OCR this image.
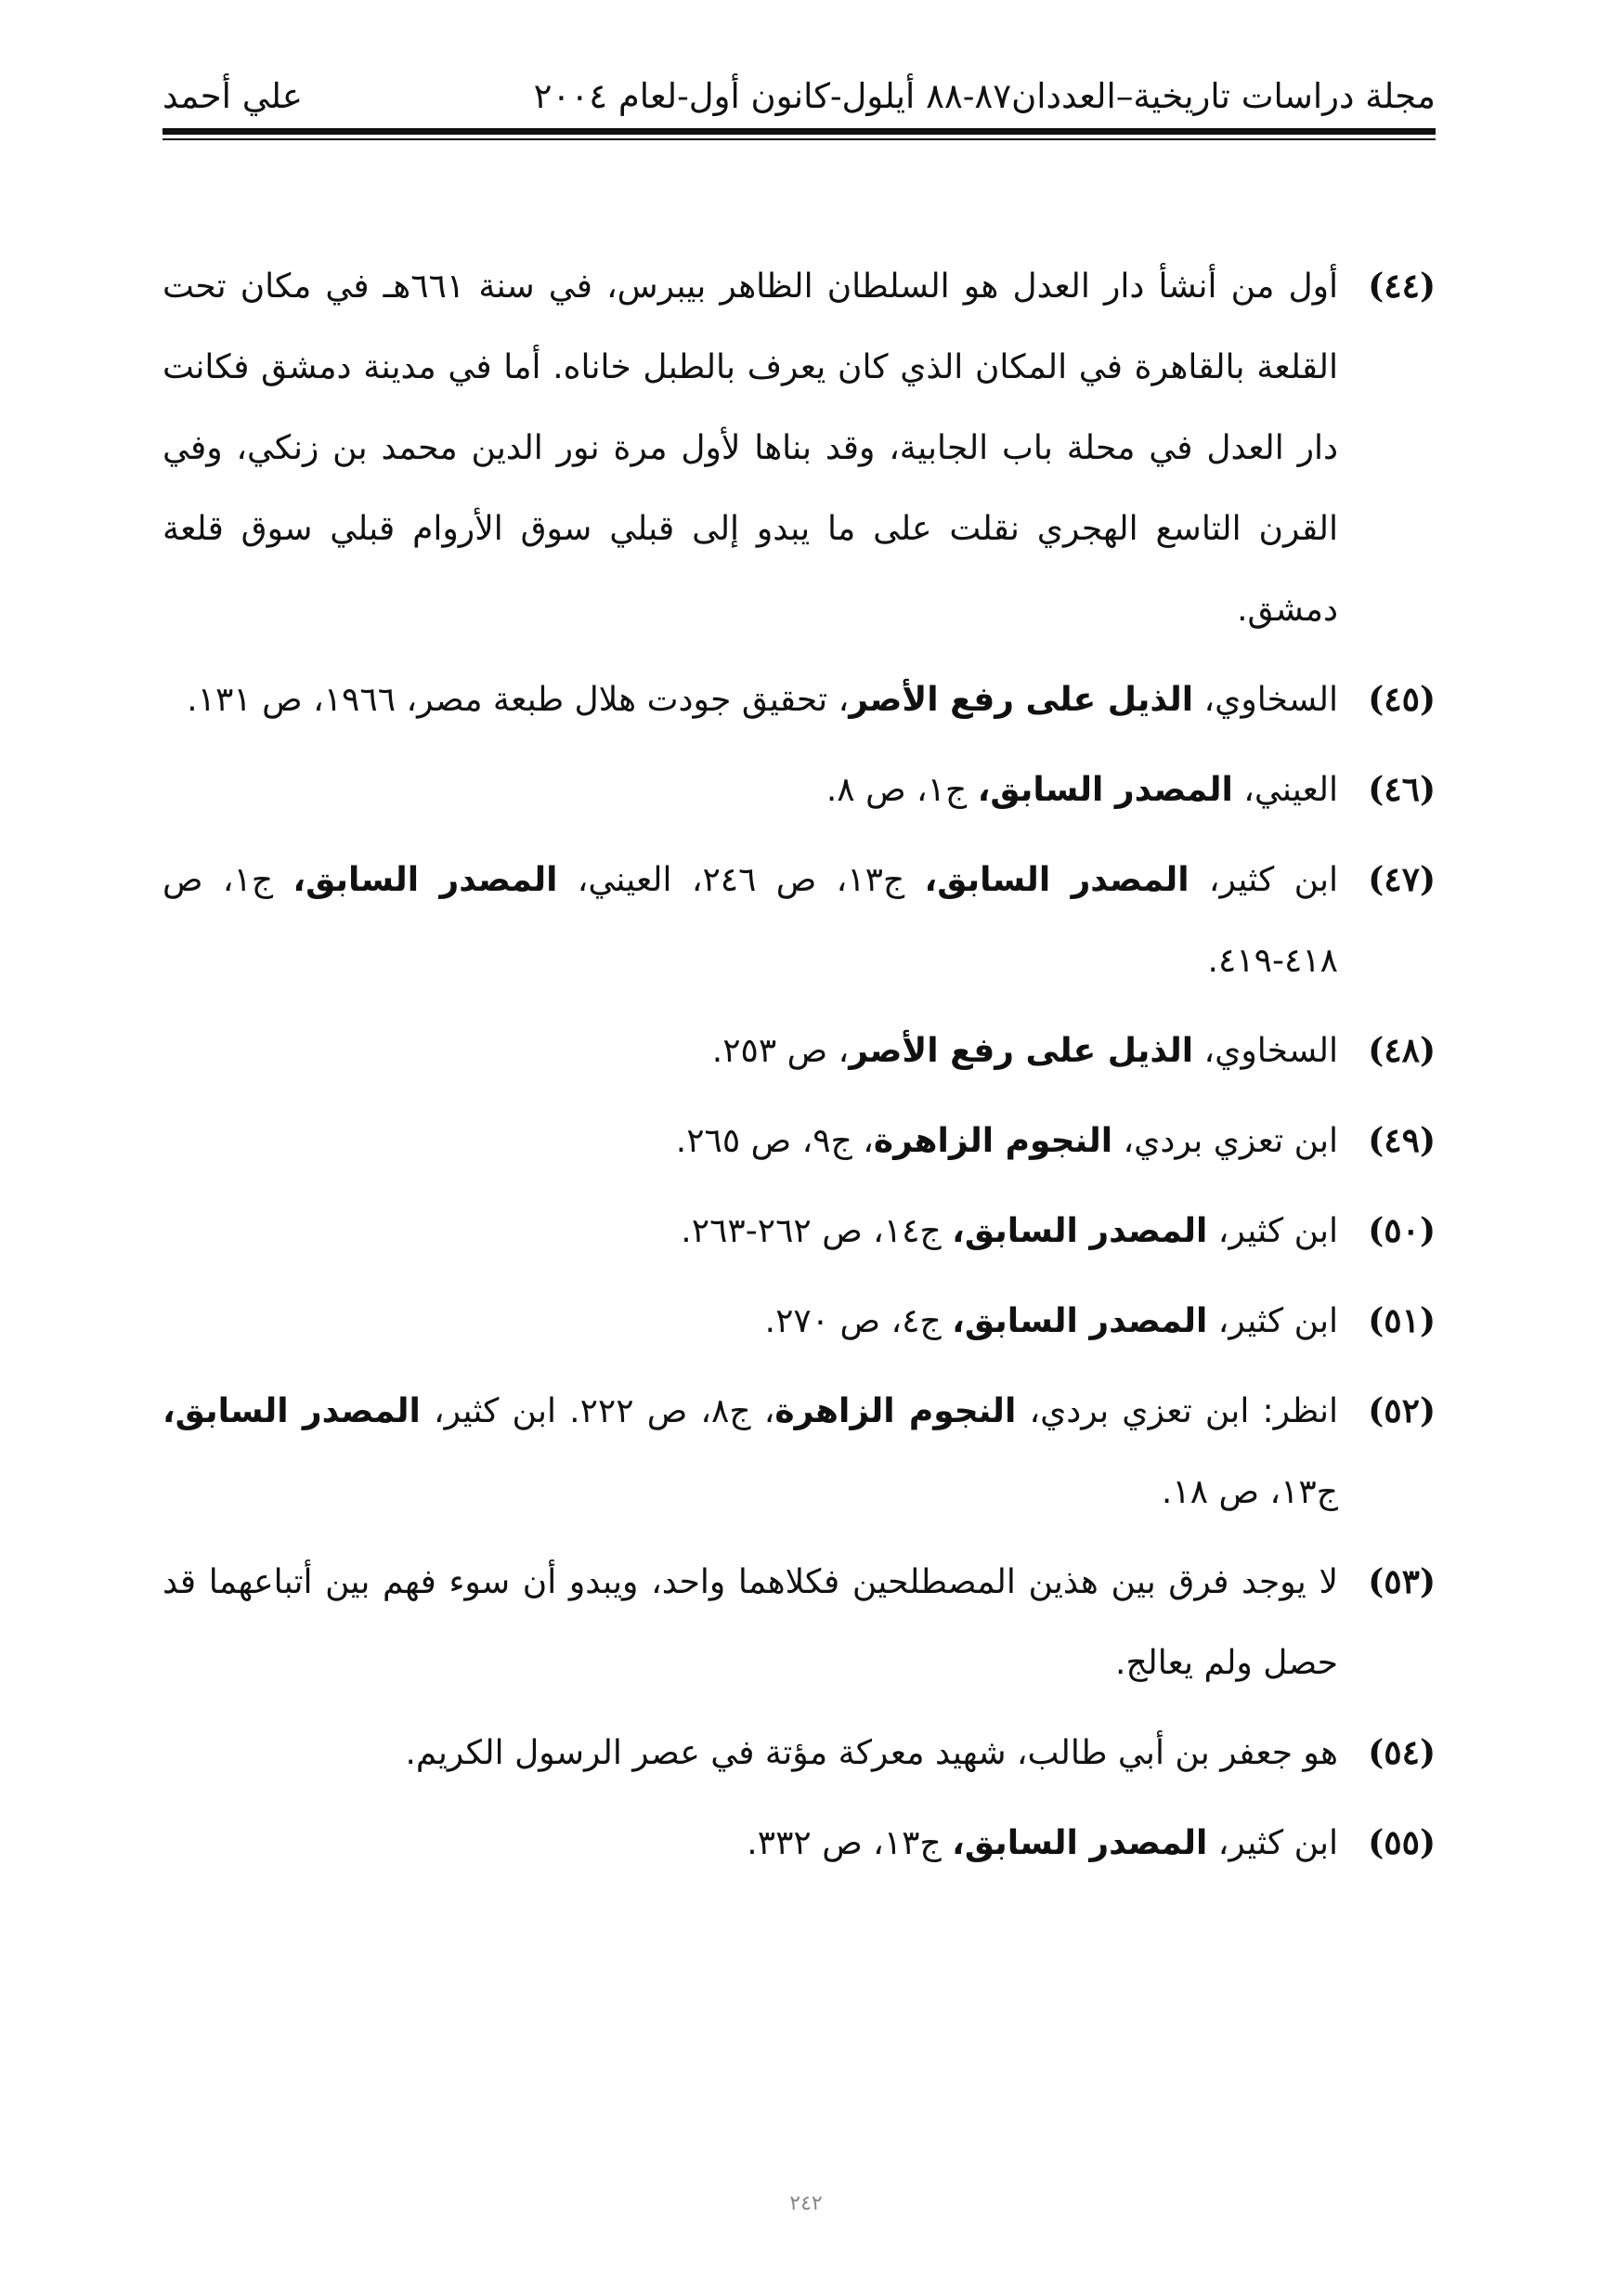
مجلة دراسات تاريخية–العددان٨٧-٨٨ أيلول-كانون أول-لعام ٢٠٠٤
علي أحمد
(٤٤)
أول من أنشأ دار العدل هو السلطان الظاهر بيبرس، في سنة ٦٦١هـ في مكان تحت القلعة بالقاهرة في المكان الذي كان يعرف بالطبل خاناه. أما في مدينة دمشق فكانت دار العدل في محلة باب الجابية، وقد بناها لأول مرة نور الدين محمد بن زنكي، وفي القرن التاسع الهجري نقلت على ما يبدو إلى قبلي سوق الأروام قبلي سوق قلعة دمشق.
(٤٥)
السخاوي، الذيل على رفع الأصر، تحقيق جودت هلال طبعة مصر، ١٩٦٦، ص ١٣١.
(٤٦)
العيني، المصدر السابق، ج١، ص ٨.
(٤٧)
ابن كثير، المصدر السابق، ج١٣، ص ٢٤٦، العيني، المصدر السابق، ج١، ص ٤١٨-٤١٩.
(٤٨)
السخاوي، الذيل على رفع الأصر، ص ٢٥٣.
(٤٩)
ابن تعزي بردي، النجوم الزاهرة، ج٩، ص ٢٦٥.
(٥٠)
ابن كثير، المصدر السابق، ج١٤، ص ٢٦٢-٢٦٣.
(٥١)
ابن كثير، المصدر السابق، ج٤، ص ٢٧٠.
(٥٢)
انظر: ابن تعزي بردي، النجوم الزاهرة، ج٨، ص ٢٢٢. ابن كثير، المصدر السابق، ج١٣، ص ١٨.
(٥٣)
لا يوجد فرق بين هذين المصطلحين فكلاهما واحد، ويبدو أن سوء فهم بين أتباعهما قد حصل ولم يعالج.
(٥٤)
هو جعفر بن أبي طالب، شهيد معركة مؤتة في عصر الرسول الكريم.
(٥٥)
ابن كثير، المصدر السابق، ج١٣، ص ٣٣٢.
٢٤٢
